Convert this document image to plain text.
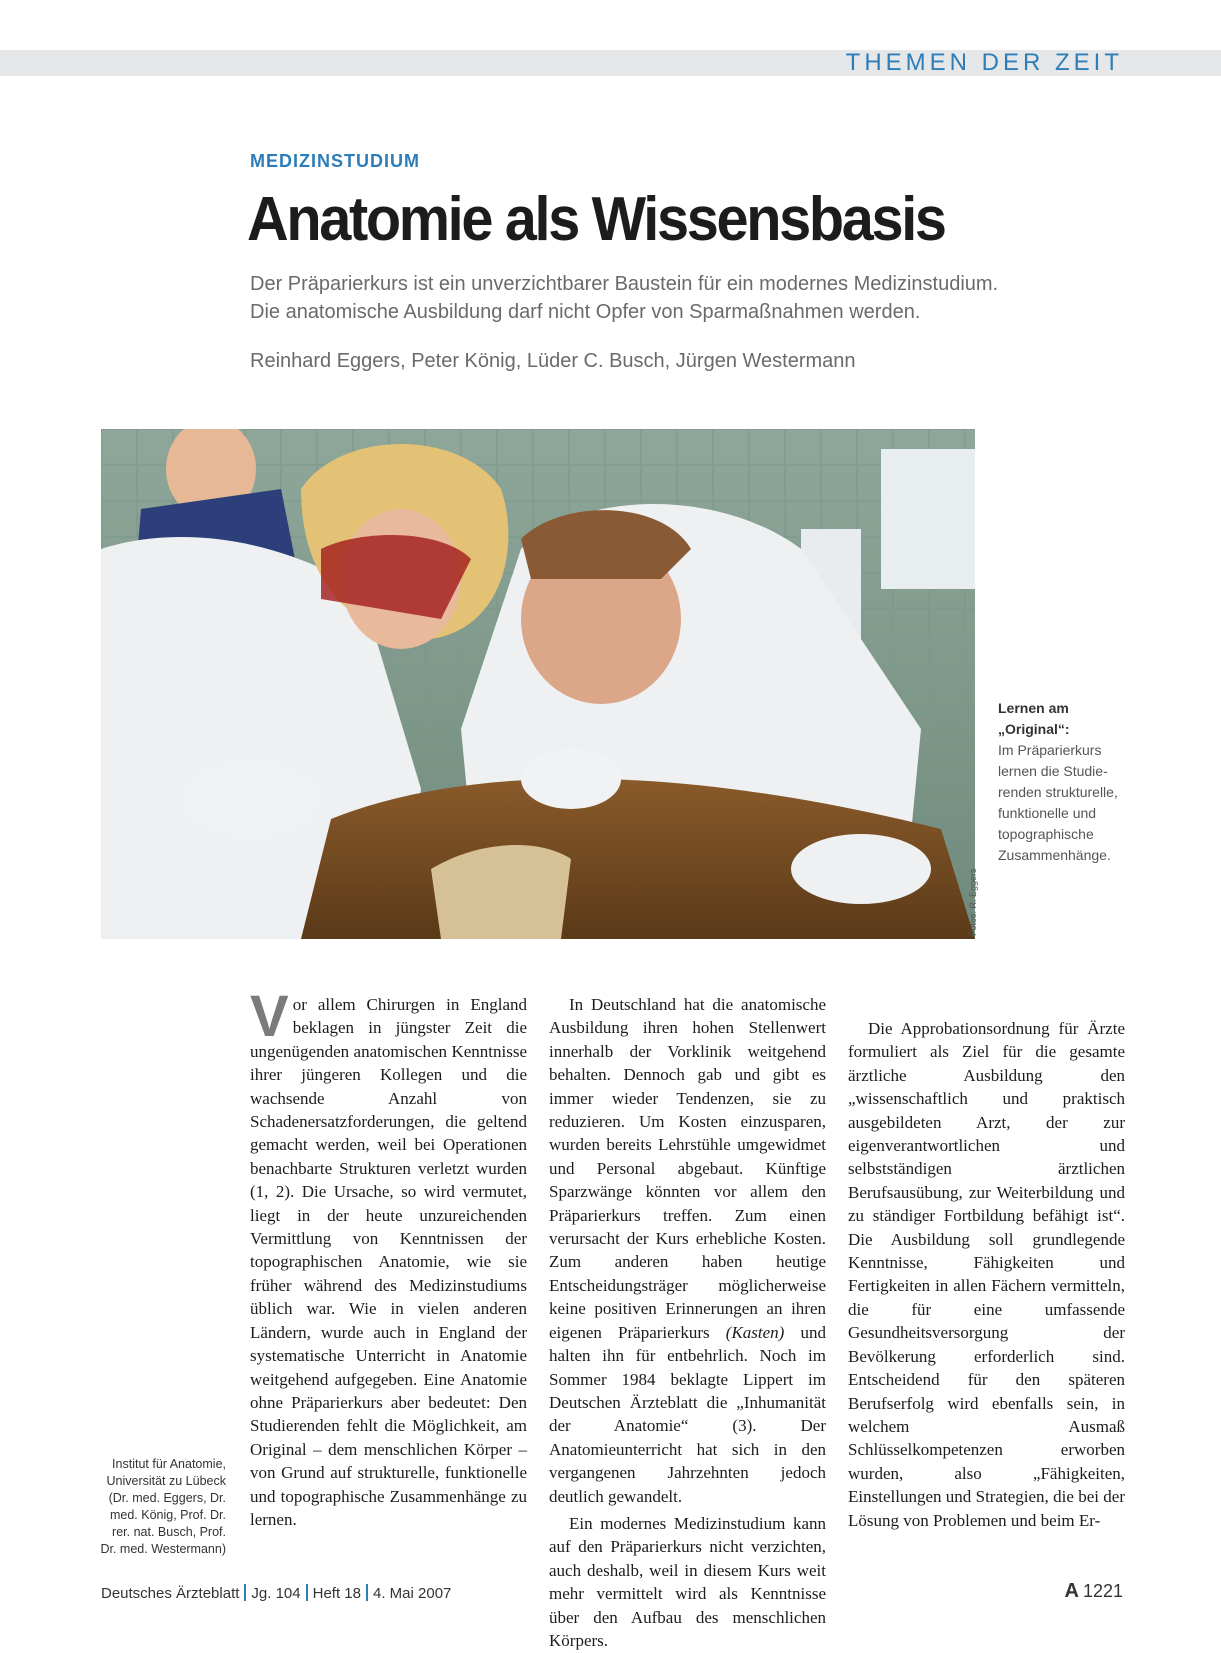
THEMEN DER ZEIT
MEDIZINSTUDIUM
Anatomie als Wissensbasis
Der Präparierkurs ist ein unverzichtbarer Baustein für ein modernes Medizinstudium.
Die anatomische Ausbildung darf nicht Opfer von Sparmaßnahmen werden.
Reinhard Eggers, Peter König, Lüder C. Busch, Jürgen Westermann
Fotos: R. Eggers
Lernen am „Original“:
Im Präparierkurs lernen die Studierenden strukturelle, funktionelle und topographische Zusammenhänge.
Institut für Anatomie, Universität zu Lübeck (Dr. med. Eggers, Dr. med. König, Prof. Dr. rer. nat. Busch, Prof. Dr. med. Westermann)

Vor allem Chirurgen in England beklagen in jüngster Zeit die ungenügenden anatomischen Kenntnisse ihrer jüngeren Kollegen und die wachsende Anzahl von Schadenersatzforderungen, die geltend gemacht werden, weil bei Operationen benachbarte Strukturen verletzt wurden (1, 2). Die Ursache, so wird vermutet, liegt in der heute unzureichenden Vermittlung von Kenntnissen der topographischen Anatomie, wie sie früher während des Medizinstudiums üblich war. Wie in vielen anderen Ländern, wurde auch in England der systematische Unterricht in Anatomie weitgehend aufgegeben. Eine Anatomie ohne Präparierkurs aber bedeutet: Den Studierenden fehlt die Möglichkeit, am Original – dem menschlichen Körper – von Grund auf strukturelle, funktionelle und topographische Zusammenhänge zu lernen.

In Deutschland hat die anatomische Ausbildung ihren hohen Stellenwert innerhalb der Vorklinik weitgehend behalten. Dennoch gab und gibt es immer wieder Tendenzen, sie zu reduzieren. Um Kosten einzusparen, wurden bereits Lehrstühle umgewidmet und Personal abgebaut. Künftige Sparzwänge könnten vor allem den Präparierkurs treffen. Zum einen verursacht der Kurs erhebliche Kosten. Zum anderen haben heutige Entscheidungsträger möglicherweise keine positiven Erinnerungen an ihren eigenen Präparierkurs (Kasten) und halten ihn für entbehrlich. Noch im Sommer 1984 beklagte Lippert im Deutschen Ärzteblatt die „Inhumanität der Anatomie“ (3). Der Anatomieunterricht hat sich in den vergangenen Jahrzehnten jedoch deutlich gewandelt.

Ein modernes Medizinstudium kann auf den Präparierkurs nicht verzichten, auch deshalb, weil in diesem Kurs weit mehr vermittelt wird als Kenntnisse über den Aufbau des menschlichen Körpers.

Die Approbationsordnung für Ärzte formuliert als Ziel für die gesamte ärztliche Ausbildung den „wissenschaftlich und praktisch ausgebildeten Arzt, der zur eigenverantwortlichen und selbstständigen ärztlichen Berufsausübung, zur Weiterbildung und zu ständiger Fortbildung befähigt ist“. Die Ausbildung soll grundlegende Kenntnisse, Fähigkeiten und Fertigkeiten in allen Fächern vermitteln, die für eine umfassende Gesundheitsversorgung der Bevölkerung erforderlich sind. Entscheidend für den späteren Berufserfolg wird ebenfalls sein, in welchem Ausmaß Schlüsselkompetenzen erworben wurden, also „Fähigkeiten, Einstellungen und Strategien, die bei der Lösung von Problemen und beim Er-

Deutsches Ärzteblatt Jg. 104 Heft 18 4. Mai 2007	A 1221
